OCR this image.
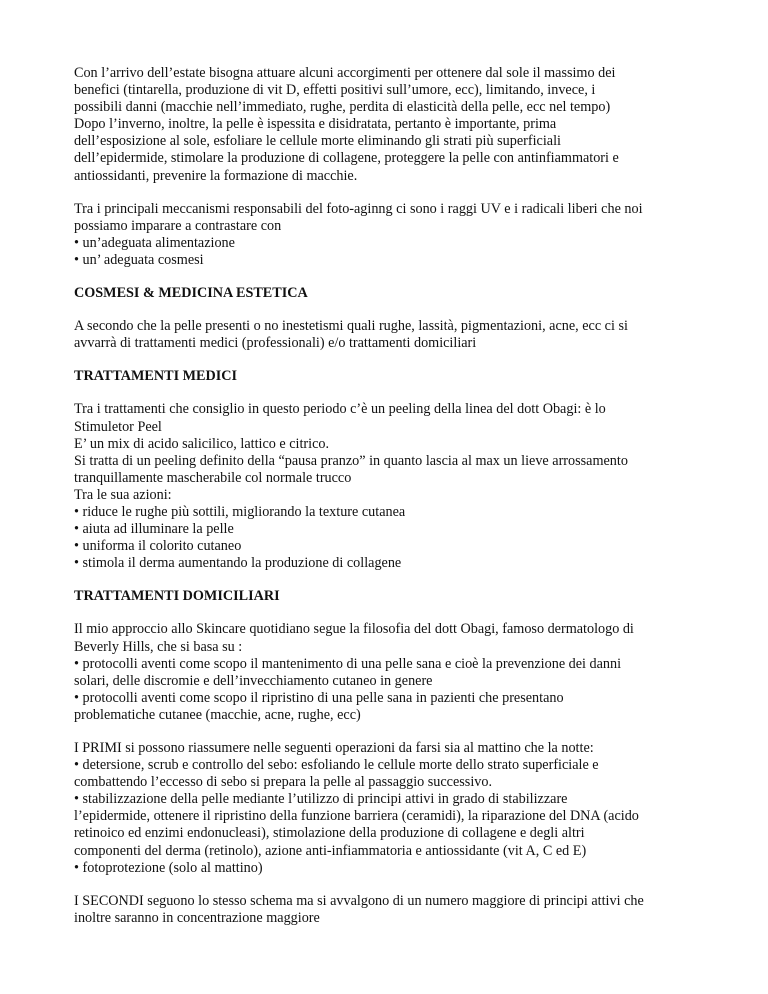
Con l’arrivo dell’estate bisogna attuare alcuni accorgimenti per ottenere dal sole il massimo dei
benefici (tintarella, produzione di vit D, effetti positivi sull’umore, ecc), limitando, invece, i
possibili danni (macchie nell’immediato, rughe, perdita di elasticità della pelle, ecc nel tempo)
Dopo l’inverno, inoltre, la pelle è ispessita e disidratata, pertanto è importante, prima
dell’esposizione al sole, esfoliare le cellule morte eliminando gli strati più superficiali
dell’epidermide, stimolare la produzione di collagene, proteggere la pelle con antinfiammatori e
antiossidanti, prevenire la formazione di macchie.

Tra i principali meccanismi responsabili del foto-aginng ci sono i raggi UV e i radicali liberi che noi
possiamo imparare a contrastare con
• un’adeguata alimentazione
• un’ adeguata cosmesi

COSMESI & MEDICINA ESTETICA

A secondo che la pelle presenti o no inestetismi quali rughe, lassità, pigmentazioni, acne, ecc ci si
avvarrà di trattamenti medici (professionali) e/o trattamenti domiciliari

TRATTAMENTI MEDICI

Tra i trattamenti che consiglio in questo periodo c’è un peeling della linea del dott Obagi: è lo
Stimuletor Peel
E’ un mix di acido salicilico, lattico e citrico.
Si tratta di un peeling definito della “pausa pranzo” in quanto lascia al max un lieve arrossamento
tranquillamente mascherabile col normale trucco
Tra le sua azioni:
• riduce le rughe più sottili, migliorando la texture cutanea
• aiuta ad illuminare la pelle
• uniforma il colorito cutaneo
• stimola il derma aumentando la produzione di collagene

TRATTAMENTI DOMICILIARI

Il mio approccio allo Skincare quotidiano segue la filosofia del dott Obagi, famoso dermatologo di
Beverly Hills, che si basa su :
• protocolli aventi come scopo il mantenimento di una pelle sana e cioè la prevenzione dei danni
solari, delle discromie e dell’invecchiamento cutaneo in genere
• protocolli aventi come scopo il ripristino di una pelle sana in pazienti che presentano
problematiche cutanee (macchie, acne, rughe, ecc)

I PRIMI si possono riassumere nelle seguenti operazioni da farsi sia al mattino che la notte:
• detersione, scrub e controllo del sebo: esfoliando le cellule morte dello strato superficiale e
combattendo l’eccesso di sebo si prepara la pelle al passaggio successivo.
• stabilizzazione della pelle mediante l’utilizzo di principi attivi in grado di stabilizzare
l’epidermide, ottenere il ripristino della funzione barriera (ceramidi), la riparazione del DNA (acido
retinoico ed enzimi endonucleasi), stimolazione della produzione di collagene e degli altri
componenti del derma (retinolo), azione anti-infiammatoria e antiossidante (vit A, C ed E)
• fotoprotezione (solo al mattino)

I SECONDI seguono lo stesso schema ma si avvalgono di un numero maggiore di principi attivi che
inoltre saranno in concentrazione maggiore
